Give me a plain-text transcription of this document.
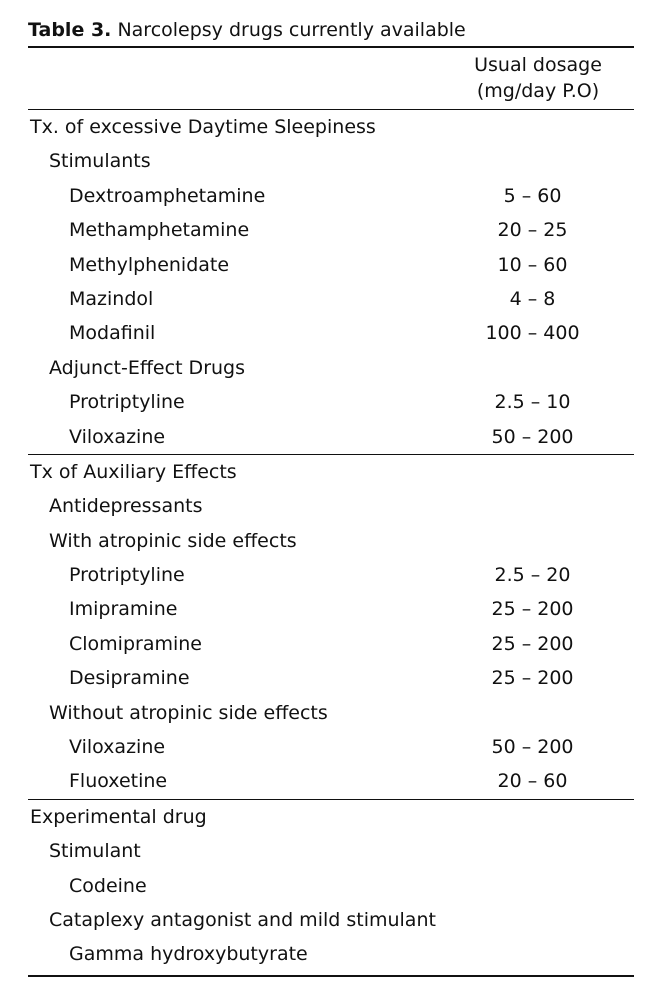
Table 3. Narcolepsy drugs currently available
Usual dosage
(mg/day P.O)
Tx. of excessive Daytime Sleepiness
Stimulants
Dextroamphetamine	5 – 60
Methamphetamine	20 – 25
Methylphenidate	10 – 60
Mazindol	4 – 8
Modafinil	100 – 400
Adjunct-Effect Drugs
Protriptyline	2.5 – 10
Viloxazine	50 – 200
Tx of Auxiliary Effects
Antidepressants
With atropinic side effects
Protriptyline	2.5 – 20
Imipramine	25 – 200
Clomipramine	25 – 200
Desipramine	25 – 200
Without atropinic side effects
Viloxazine	50 – 200
Fluoxetine	20 – 60
Experimental drug
Stimulant
Codeine
Cataplexy antagonist and mild stimulant
Gamma hydroxybutyrate
